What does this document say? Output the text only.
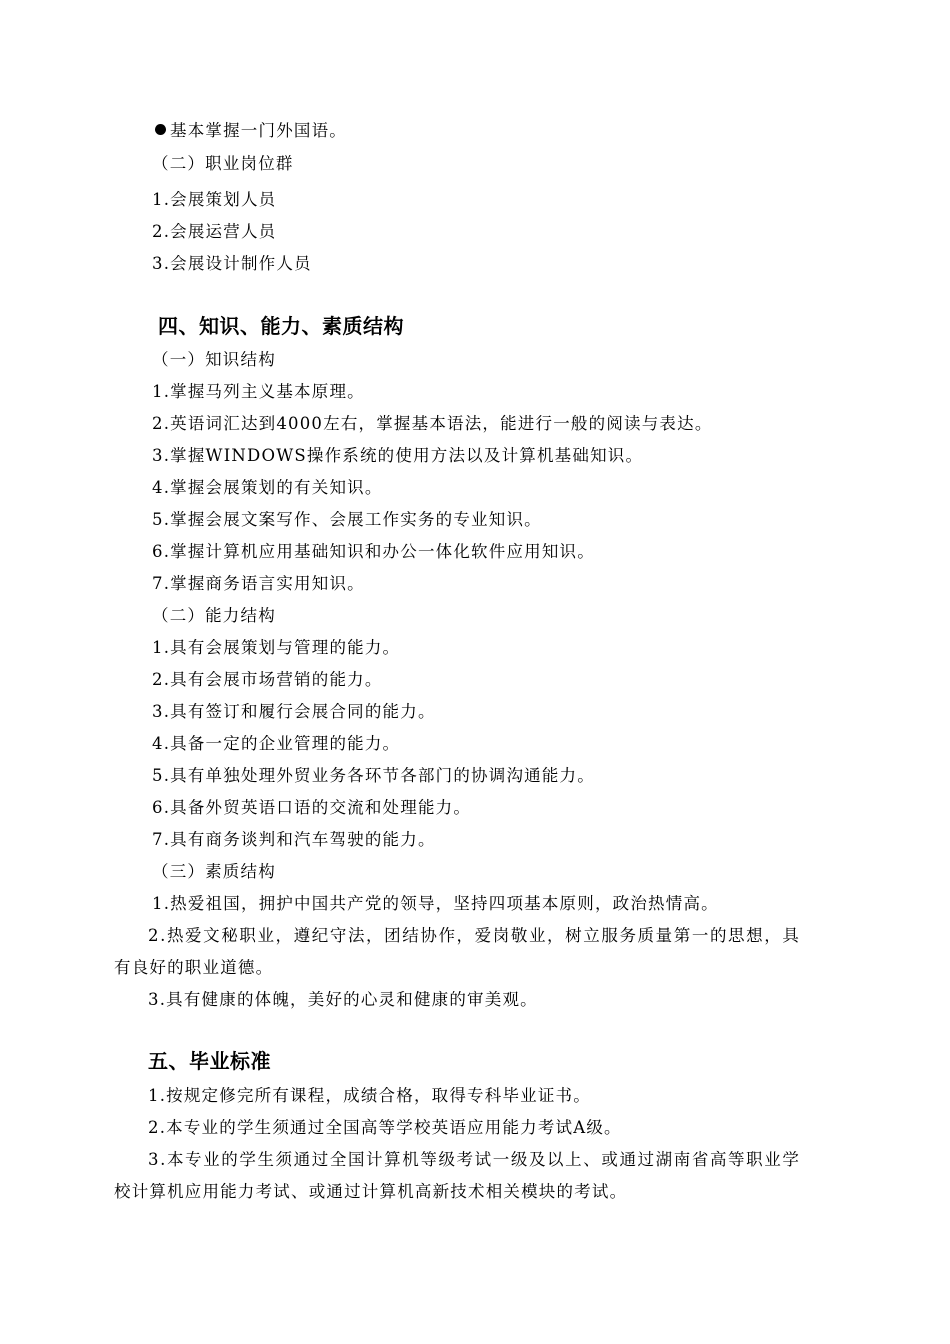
基本掌握一门外国语。
（二）职业岗位群
1.会展策划人员
2.会展运营人员
3.会展设计制作人员
四、知识、能力、素质结构
（一）知识结构
1.掌握马列主义基本原理。
2.英语词汇达到4000左右，掌握基本语法，能进行一般的阅读与表达。
3.掌握WINDOWS操作系统的使用方法以及计算机基础知识。
4.掌握会展策划的有关知识。
5.掌握会展文案写作、会展工作实务的专业知识。
6.掌握计算机应用基础知识和办公一体化软件应用知识。
7.掌握商务语言实用知识。
（二）能力结构
1.具有会展策划与管理的能力。
2.具有会展市场营销的能力。
3.具有签订和履行会展合同的能力。
4.具备一定的企业管理的能力。
5.具有单独处理外贸业务各环节各部门的协调沟通能力。
6.具备外贸英语口语的交流和处理能力。
7.具有商务谈判和汽车驾驶的能力。
（三）素质结构
1.热爱祖国，拥护中国共产党的领导，坚持四项基本原则，政治热情高。
2.热爱文秘职业，遵纪守法，团结协作，爱岗敬业，树立服务质量第一的思想，具
有良好的职业道德。
3.具有健康的体魄，美好的心灵和健康的审美观。
五、毕业标准
1.按规定修完所有课程，成绩合格，取得专科毕业证书。
2.本专业的学生须通过全国高等学校英语应用能力考试A级。
3.本专业的学生须通过全国计算机等级考试一级及以上、或通过湖南省高等职业学
校计算机应用能力考试、或通过计算机高新技术相关模块的考试。
